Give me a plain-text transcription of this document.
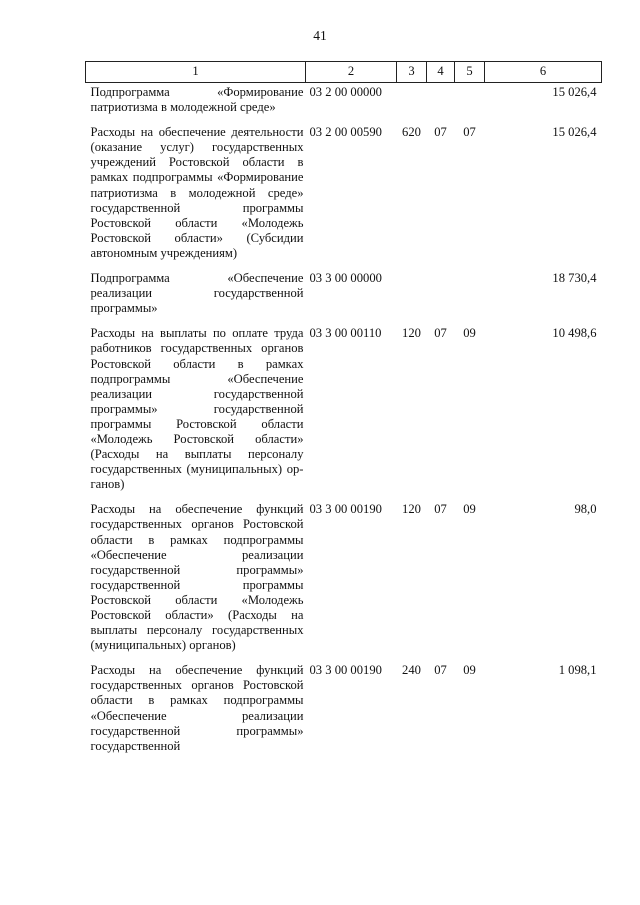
41
1	2	3	4	5	6
Подпрограмма «Формирование патриотизма в молодежной среде»	03 2 00 00000				15 026,4
Расходы на обеспечение деятельности (оказание услуг) государственных учреждений Ростовской области в рамках подпрограммы «Формирование патриотизма в молодежной среде» государственной программы Ростовской области «Молодежь Ростовской области» (Субсидии автономным учреждениям)	03 2 00 00590	620	07	07	15 026,4
Подпрограмма «Обеспечение реализации государственной программы»	03 3 00 00000				18 730,4
Расходы на выплаты по оплате труда работников государственных органов Ростовской области в рамках подпрограммы «Обеспечение реализации государственной программы» государственной программы Ростовской области «Молодежь Ростовской области» (Расходы на выплаты персоналу государственных (муниципальных) органов)	03 3 00 00110	120	07	09	10 498,6
Расходы на обеспечение функций государственных органов Ростовской области в рамках подпрограммы «Обеспечение реализации государственной программы» государственной программы Ростовской области «Молодежь Ростовской области» (Расходы на выплаты персоналу государственных (муниципальных) органов)	03 3 00 00190	120	07	09	98,0
Расходы на обеспечение функций государственных органов Ростовской области в рамках подпрограммы «Обеспечение реализации государственной программы» государственной	03 3 00 00190	240	07	09	1 098,1
